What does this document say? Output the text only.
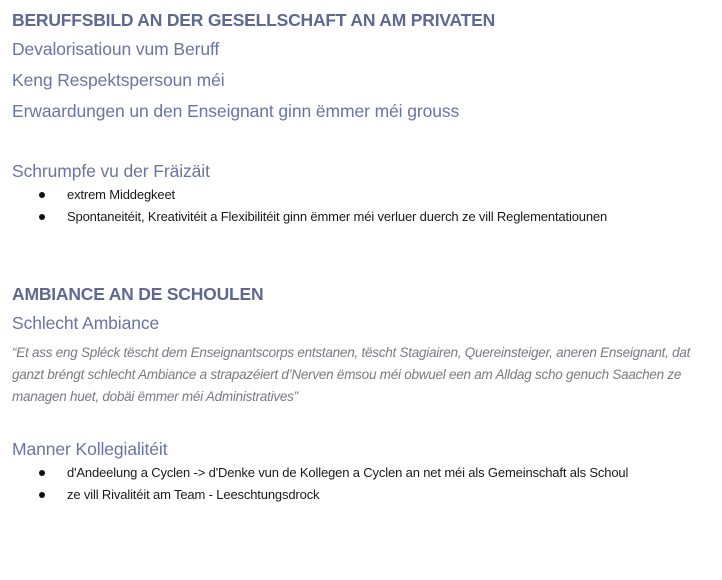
BERUFFSBILD AN DER GESELLSCHAFT AN AM PRIVATEN

Devalorisatioun vum Beruff

Keng Respektspersoun méi

Erwaardungen un den Enseignant ginn ëmmer méi grouss

Schrumpfe vu der Fräizäit

extrem Middegkeet
Spontaneitéit, Kreativitéit a Flexibilitéit ginn ëmmer méi verluer duerch ze vill Reglementatiounen
AMBIANCE AN DE SCHOULEN

Schlecht Ambiance

“Et ass eng Spléck tëscht dem Enseignantscorps entstanen, tëscht Stagiairen, Quereinsteiger, aneren Enseignant, dat ganzt bréngt schlecht Ambiance a strapazéiert d’Nerven ëmsou méi obwuel een am Alldag scho genuch Saachen ze managen huet, dobäi ëmmer méi Administratives”

Manner Kollegialitéit

d'Andeelung a Cyclen -> d'Denke vun de Kollegen a Cyclen an net méi als Gemeinschaft als Schoul
ze vill Rivalitéit am Team - Leeschtungsdrock
